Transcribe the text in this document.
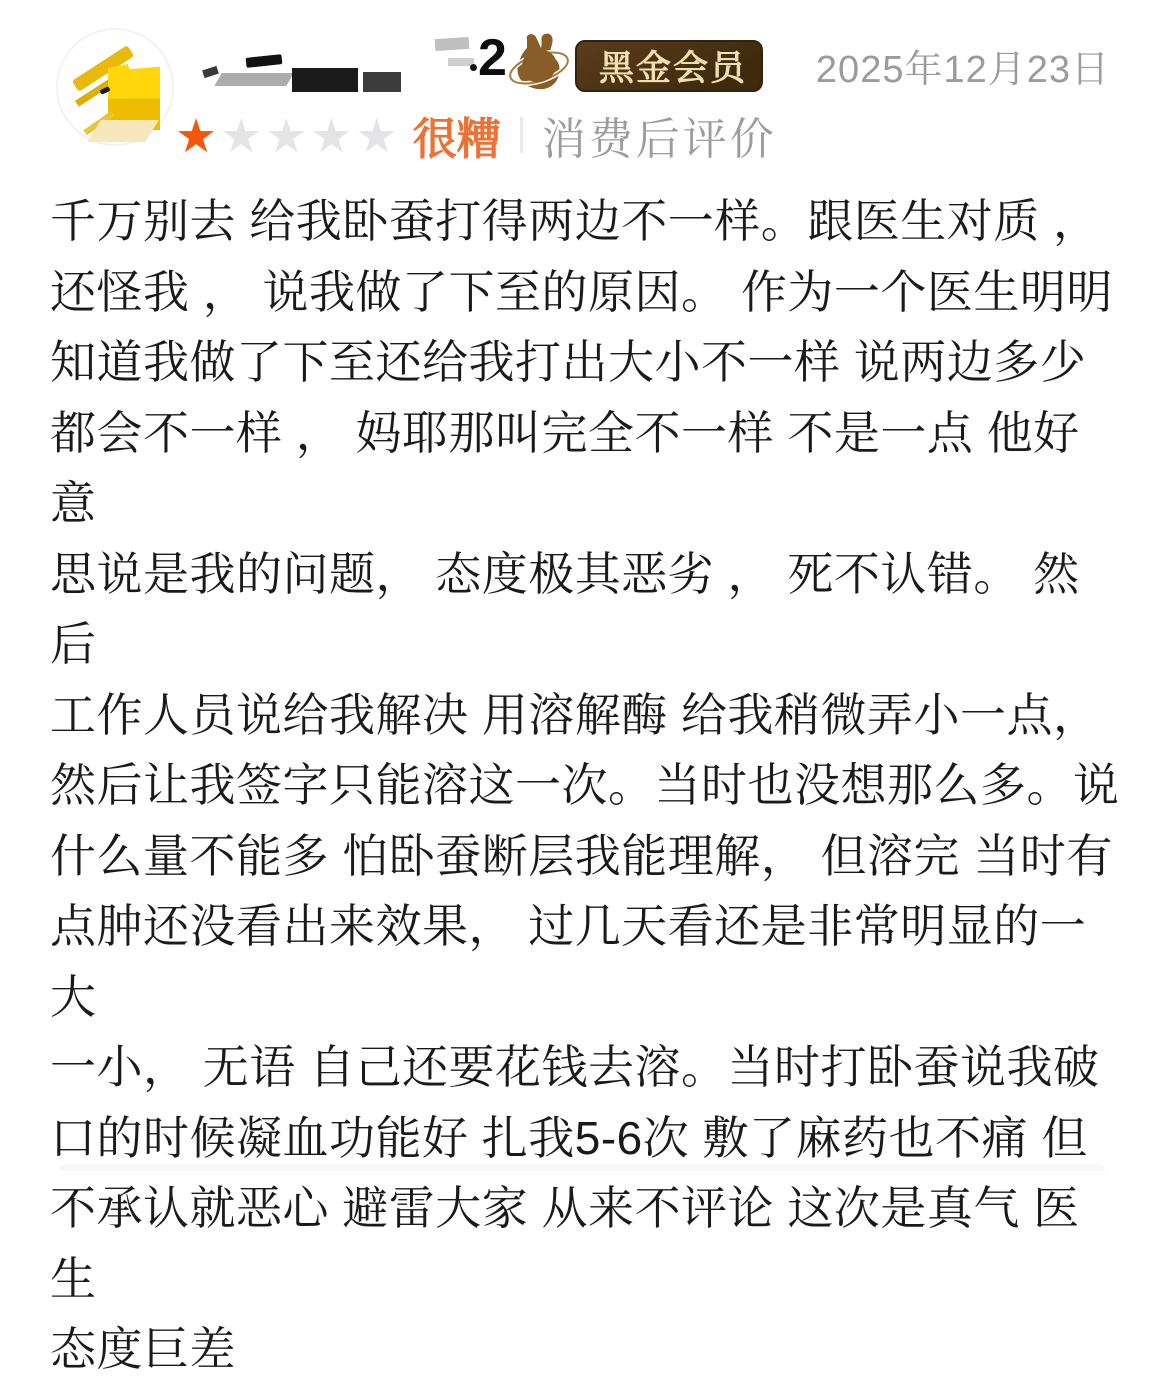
2	黑金会员	2025年12月23日
★ ★ ★ ★ ★ 很糟 消费后评价
千万别去 给我卧蚕打得两边不一样。跟医生对质 ，
还怪我 ， 说我做了下至的原因。 作为一个医生明明
知道我做了下至还给我打出大小不一样 说两边多少
都会不一样 ， 妈耶那叫完全不一样 不是一点 他好意
思说是我的问题， 态度极其恶劣 ， 死不认错。 然后
工作人员说给我解决 用溶解酶 给我稍微弄小一点，
然后让我签字只能溶这一次。当时也没想那么多。说
什么量不能多 怕卧蚕断层我能理解， 但溶完 当时有
点肿还没看出来效果， 过几天看还是非常明显的一大
一小， 无语 自己还要花钱去溶。当时打卧蚕说我破
口的时候凝血功能好 扎我5-6次 敷了麻药也不痛 但
不承认就恶心 避雷大家 从来不评论 这次是真气 医生
态度巨差
